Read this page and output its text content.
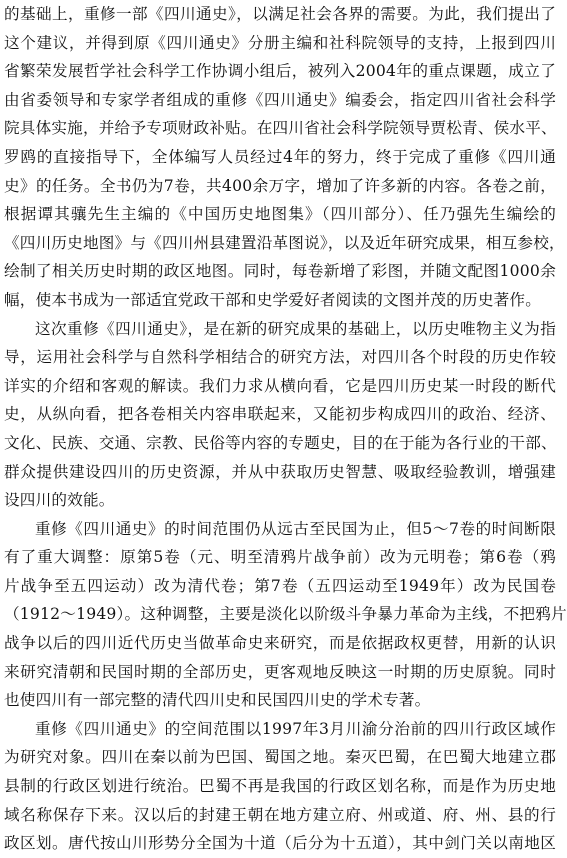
的基础上，重修一部《四川通史》，以满足社会各界的需要。为此，我们提出了
这个建议，并得到原《四川通史》分册主编和社科院领导的支持，上报到四川
省繁荣发展哲学社会科学工作协调小组后，被列入2004年的重点课题，成立了
由省委领导和专家学者组成的重修《四川通史》编委会，指定四川省社会科学
院具体实施，并给予专项财政补贴。在四川省社会科学院领导贾松青、侯水平、
罗鸥的直接指导下，全体编写人员经过4年的努力，终于完成了重修《四川通
史》的任务。全书仍为7卷，共400余万字，增加了许多新的内容。各卷之前，
根据谭其骧先生主编的《中国历史地图集》（四川部分）、任乃强先生编绘的
《四川历史地图》与《四川州县建置沿革图说》，以及近年研究成果，相互参校，
绘制了相关历史时期的政区地图。同时，每卷新增了彩图，并随文配图1000余
幅，使本书成为一部适宜党政干部和史学爱好者阅读的文图并茂的历史著作。
这次重修《四川通史》，是在新的研究成果的基础上，以历史唯物主义为指
导，运用社会科学与自然科学相结合的研究方法，对四川各个时段的历史作较
详实的介绍和客观的解读。我们力求从横向看，它是四川历史某一时段的断代
史，从纵向看，把各卷相关内容串联起来，又能初步构成四川的政治、经济、
文化、民族、交通、宗教、民俗等内容的专题史，目的在于能为各行业的干部、
群众提供建设四川的历史资源，并从中获取历史智慧、吸取经验教训，增强建
设四川的效能。
重修《四川通史》的时间范围仍从远古至民国为止，但5～7卷的时间断限
有了重大调整：原第5卷（元、明至清鸦片战争前）改为元明卷；第6卷（鸦
片战争至五四运动）改为清代卷；第7卷（五四运动至1949年）改为民国卷
（1912～1949）。这种调整，主要是淡化以阶级斗争暴力革命为主线，不把鸦片
战争以后的四川近代历史当做革命史来研究，而是依据政权更替，用新的认识
来研究清朝和民国时期的全部历史，更客观地反映这一时期的历史原貌。同时
也使四川有一部完整的清代四川史和民国四川史的学术专著。
重修《四川通史》的空间范围以1997年3月川渝分治前的四川行政区域作
为研究对象。四川在秦以前为巴国、蜀国之地。秦灭巴蜀，在巴蜀大地建立郡
县制的行政区划进行统治。巴蜀不再是我国的行政区划名称，而是作为历史地
域名称保存下来。汉以后的封建王朝在地方建立府、州或道、府、州、县的行
政区划。唐代按山川形势分全国为十道（后分为十五道），其中剑门关以南地区
